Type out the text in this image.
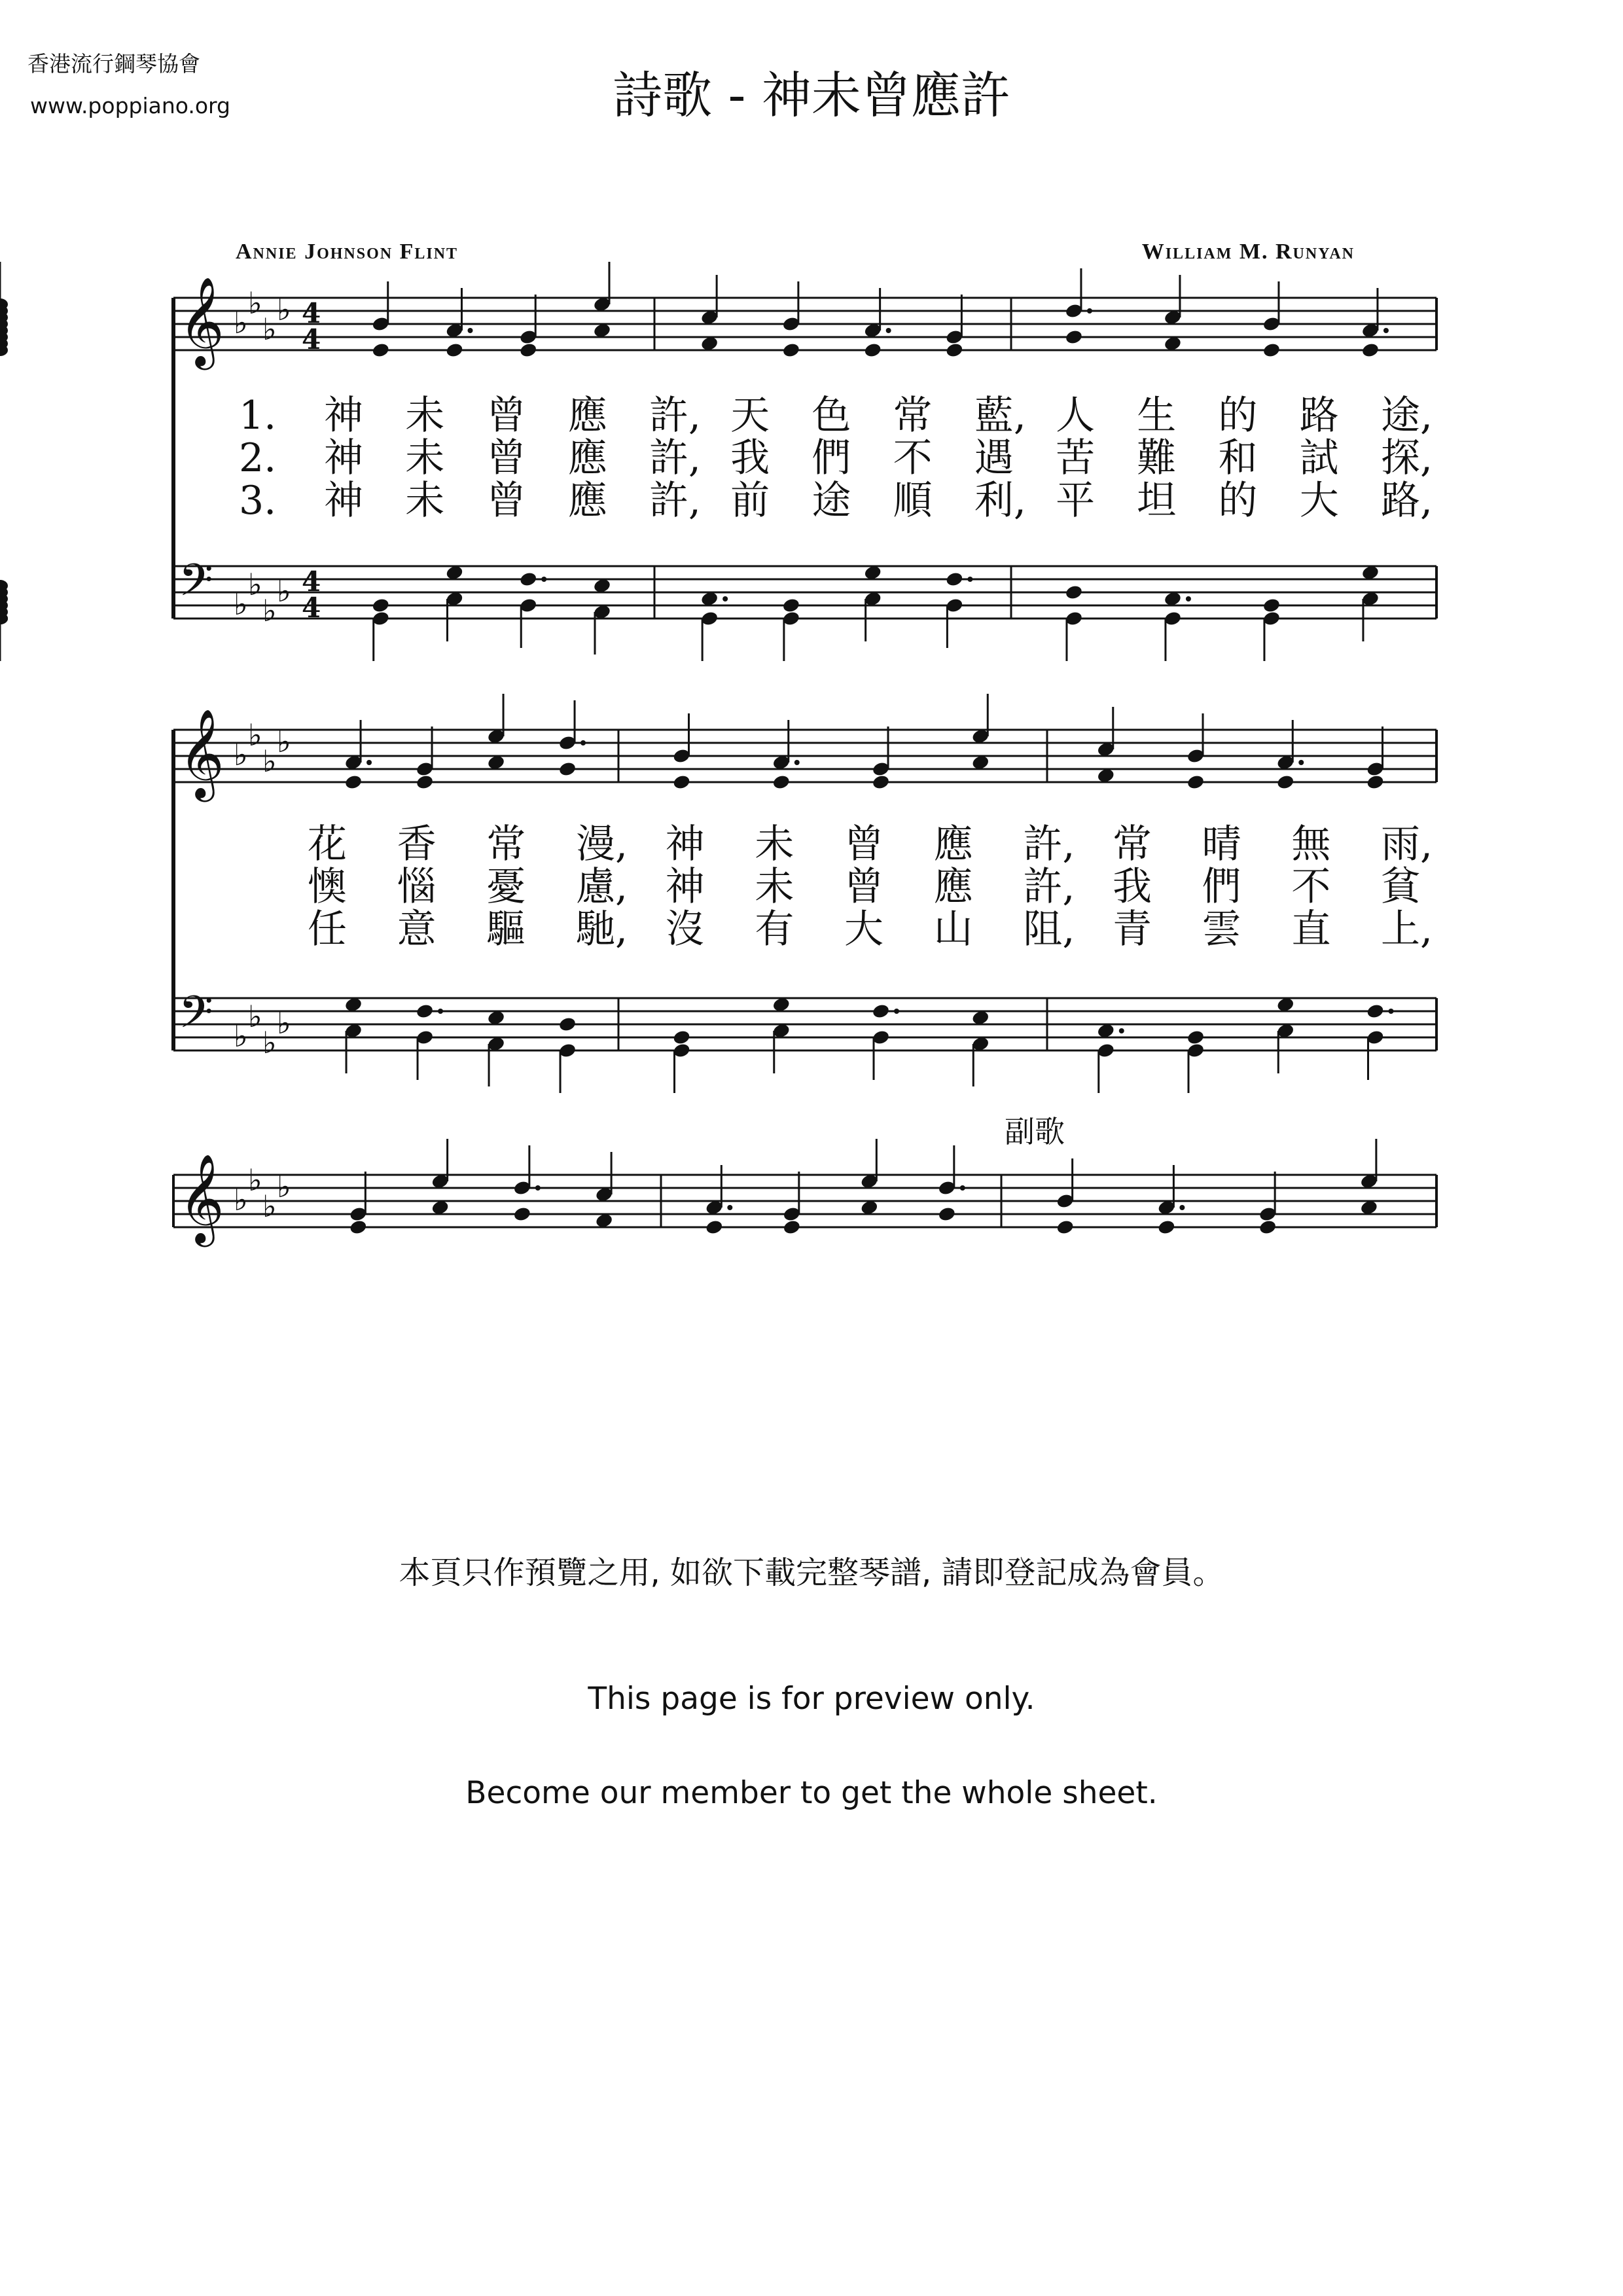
香港流行鋼琴協會
www.poppiano.org	詩歌 - 神未曾應許
Annie Johnson Flint	William M. Runyan
𝄞 ♭
♭
♭
♭ 4
4
𝄢 ♭
♭
♭
♭ 4
4
𝄞 ♭
♭
♭
♭
𝄢 ♭
♭
♭
♭
𝄞 ♭
♭
♭
♭
1. 神 未 曾 應 許, 天 色 常 藍, 人 生 的 路 途,
2. 神 未 曾 應 許, 我 們 不 遇 苦 難 和 試 探,
3. 神 未 曾 應 許, 前 途 順 利, 平 坦 的 大 路,
花 香 常 漫, 神 未 曾 應 許, 常 晴 無 雨,
懊 惱 憂 慮, 神 未 曾 應 許, 我 們 不 貧
任 意 驅 馳, 沒 有 大 山 阻, 青 雲 直 上,
副歌
本頁只作預覽之用, 如欲下載完整琴譜, 請即登記成為會員。
This page is for preview only.
Become our member to get the whole sheet.
